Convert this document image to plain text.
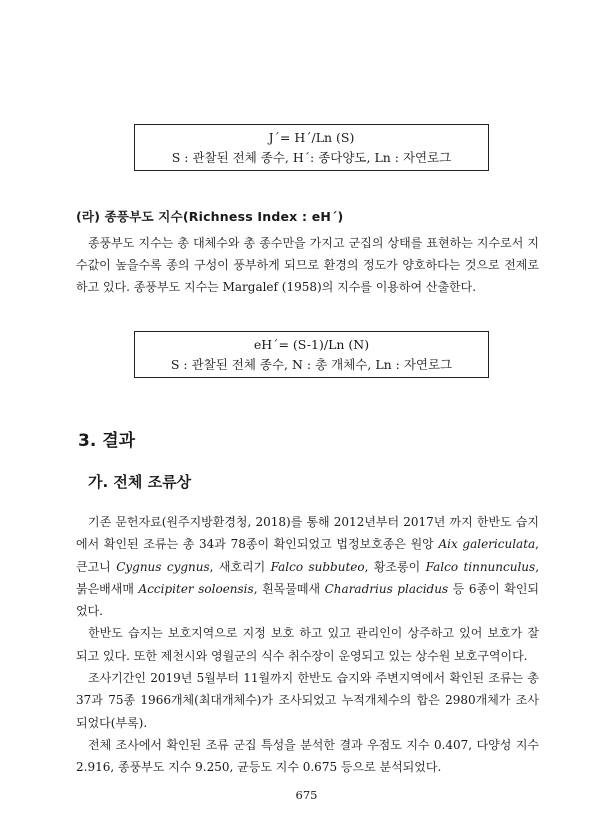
J´= H´/Ln (S)
S : 관찰된 전체 종수, H´: 종다양도, Ln : 자연로그
(라) 종풍부도 지수(Richness Index : eH´)

종풍부도 지수는 총 대체수와 총 종수만을 가지고 군집의 상태를 표현하는 지수로서 지수값이 높을수록 종의 구성이 풍부하게 되므로 환경의 정도가 양호하다는 것으로 전제로 하고 있다. 종풍부도 지수는 Margalef (1958)의 지수를 이용하여 산출한다.

eH´= (S-1)/Ln (N)
S : 관찰된 전체 종수, N : 총 개체수, Ln : 자연로그
3. 결과
가. 전체 조류상

기존 문헌자료(원주지방환경청, 2018)를 통해 2012년부터 2017년 까지 한반도 습지에서 확인된 조류는 총 34과 78종이 확인되었고 법정보호종은 원앙 Aix galericulata, 큰고니 Cygnus cygnus, 새호리기 Falco subbuteo, 황조롱이 Falco tinnunculus, 붉은배새매 Accipiter soloensis, 흰목물떼새 Charadrius placidus 등 6종이 확인되었다.

한반도 습지는 보호지역으로 지정 보호 하고 있고 관리인이 상주하고 있어 보호가 잘 되고 있다. 또한 제천시와 영월군의 식수 취수장이 운영되고 있는 상수원 보호구역이다.

조사기간인 2019년 5월부터 11월까지 한반도 습지와 주변지역에서 확인된 조류는 총 37과 75종 1966개체(최대개체수)가 조사되었고 누적개체수의 합은 2980개체가 조사되었다(부록).

전체 조사에서 확인된 조류 군집 특성을 분석한 결과 우점도 지수 0.407, 다양성 지수 2.916, 종풍부도 지수 9.250, 균등도 지수 0.675 등으로 분석되었다.

675
